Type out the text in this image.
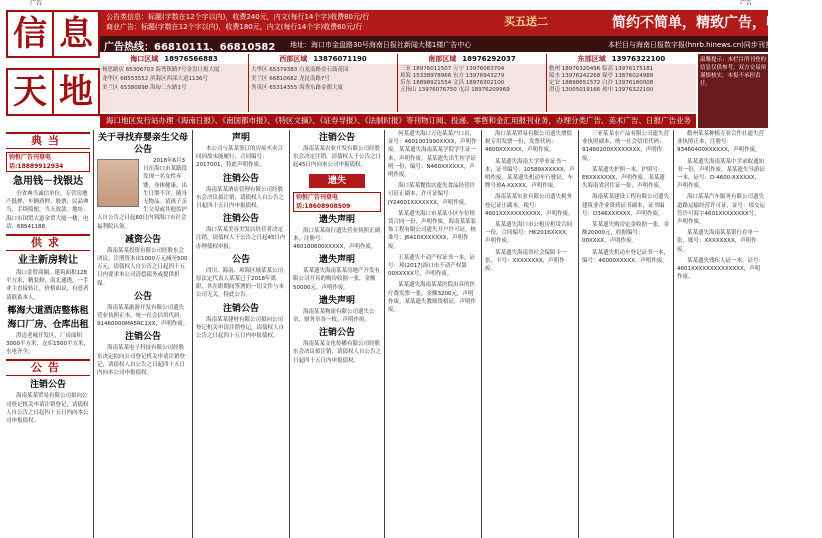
广告	广告
信 息
天 地
公告类信息：标题(字数在12个字以内)，收费240元，内文(每行14个字)收费80元/行
商业广告：标题(字数在12个字以内)，收费180元，内文(每行14个字)收费60元/行	买五送二	简约不简单，精致广告，收益无限
广告热线：66810111、66810582 地址：海口市金盘路30号海南日报社新闻大楼1楼广告中心	本栏目与海南日报数字报(hnrb.hinews.cn)同步刊发
海口区域 18976566883
杨思路店 65306703 海秀镇路7号金盘日报大厦
龙华区 68553552 滨海区西部大道1136号
美兰区 65380898 海甸二东路1号
西部区域 13876071190
大华区 65379383 白龙南路金石鼓花园
美兰区 66810682 龙昆南路7号
秀英区 65314355 海秀东路金都大厦
南部区域 18976292037
三亚 18976011507 万宁 13976063704
琼海 15338978966 东方 13976943279
乐东 18898921554 文昌 18976302100
五指山 13976076750 屯昌 18976209969
东部区域 13976322100
儋州 18976320496 临高 13976175181
陵水 13976242268 保亭 13876024988
定安 18898651572 白沙 13976180008
澄迈 13005019166 琼中 13976322100
温馨提示：本栏目所刊登的信息仅供参考，双方交易须谨慎核实，本报不承担责任。
海口地区发行站办理《海南日报》、《南国都市报》、《特区文摘》、《证券导报》、《法制时报》等刊物订阅、投递、零售和金汇用报刊业务，办理分类广告、美术广告、日报广告业务
典当
钧恒广告刊登电话:18889912934
急用钱－找银达

全省典当诚信单位，专营房地产抵押、车辆质押、股票、民品典当，手续简便，当天放款。地址：海口市国贸大道金贸大厦一楼，电话：68541188。

供求
业主新房转让

海口金贸商圈，建筑面积128平方米，精装修，南北通透，一手业主直接转让，价格面议，有意者请联系本人。

椰海大道酒店整栋租
海口厂房、仓库出租

澄迈老城开发区，厂房面积3000平方米，仓库1500平方米，水电齐全。

公告
注销公告

海南某某贸易有限公司拟向公司登记机关申请注销登记，请债权人自公告之日起四十五日内向本公司申报债权。

关于寻找弃婴亲生父母公告

2018年6月3日在海口市某路段发现一名女性弃婴，身体健康，出生日期不详，随身无物品。请孩子亲生父母或其他监护人自公告之日起60日内到海口市社会福利院认领。

减资公告

海南某某投资有限公司经股东会决议，注册资本由1000万元减至500万元，请债权人自公告之日起四十五日内要求本公司清偿债务或提供担保。

公告

海南某某旅游开发有限公司遗失营业执照正本，统一社会信用代码：91460000MA5RC1XX，声明作废。

注销公告

海南某某电子科技有限公司经股东决定拟向公司登记机关申请注销登记，请债权人自公告之日起四十五日内向本公司申报债权。

声明

本公司与某某签订的房屋买卖合同因故未能履行，合同编号：2017001，特此声明作废。

注销公告

海南某某酒店管理有限公司经股东会决议拟注销，请债权人自公告之日起四十五日内申报债权。

注销公告

海口某某美容美发店经营者决定注销，请债权人于公告之日起45日内办理债权申报。

公告

四川、海南、琼海区域某某公司原法定代表人某某已于2018年离职，其在职期间签署的一切文件与本公司无关，特此公告。

注销公告

海南某某建材有限公司拟向公司登记机关申请注销登记，请债权人自公告之日起四十五日内申报债权。

注销公告

海南某某农业开发有限公司经股东会决定注销，请债权人于公告之日起45日内向本公司申报债权。

遗失
钧恒广告刊登电话:18608908509
遗失声明

海口某某商行遗失营业执照正副本，注册号：460100600XXXXX，声明作废。

遗失声明

某某遗失海南某某房地产开发有限公司开具的购房收据一张，金额50000元，声明作废。

遗失声明

海南某某物流有限公司遗失公章、财务章各一枚，声明作废。

注销公告

海南某某文化传播有限公司经股东会决议拟注销，请债权人自公告之日起四十五日内申报债权。

何某遗失海口万达某某户口页，证号：4601001990XXXX，声明作废。某某遗失海南某某学院学生证一本，声明作废。某某遗失出生医学证明一份，编号：N460XXXXXX，声明作废。

海口某某餐饮店遗失食品经营许可证正副本，许可证编号：JY24601XXXXXXX，声明作废。

某某遗失海口市某某小区车位租赁合同一份，声明作废。海南某某装饰工程有限公司遗失开户许可证，核准号：J6410XXXXXXX，声明作废。

王某遗失不动产权证书一本，证号：琼(2017)海口市不动产权第00XXXXX号，声明作废。

某某遗失海南某某医院出具的医疗费发票一张，金额3200元，声明作废。某某遗失教师资格证，声明作废。

海口某某贸易有限公司遗失增值税专用发票一份，发票代码：4600XXXXXX，声明作废。

某某遗失海南大学毕业证书一本，证书编号：10589XXXXXX，声明作废。某某遗失机动车行驶证，车牌号琼A·XXXXX，声明作废。

海南某某实业有限公司遗失税务登记证正副本，税号：4601XXXXXXXXXXX，声明作废。

某某遗失海口市公租房租赁合同一份，合同编号：HK2016XXXX，声明作废。

某某遗失海南省社会保障卡一张，卡号：XXXXXXXX，声明作废。

三亚某某水产品有限公司遗失营业执照副本，统一社会信用代码：91460200XXXXXXXX，声明作废。

某某遗失护照一本，护照号：E8XXXXXXX，声明作废。某某遗失海南省居住证一张，声明作废。

海南某某建设工程有限公司遗失建筑业企业资质证书副本，证书编号：D346XXXXXX，声明作废。

某某遗失购房定金收据一张，金额20000元，收据编号：00XXXX，声明作废。

某某遗失机动车登记证书一本，编号：46000XXXXX，声明作废。

儋州某某种植专业合作社遗失营业执照正本，注册号：93460400XXXXXX，声明作废。

某某遗失海南某某中学录取通知书一份，声明作废。某某遗失导游证一本，证号：D-4600-XXXXXX，声明作废。

海口某某汽车服务有限公司遗失道路运输经营许可证，证号：琼交运管许可海字4601XXXXXXXX号，声明作废。

某某遗失海南某某银行存单一张，账号：XXXXXXXX，声明作废。

某某遗失残疾人证一本，证号：4601XXXXXXXXXXXXXX，声明作废。
